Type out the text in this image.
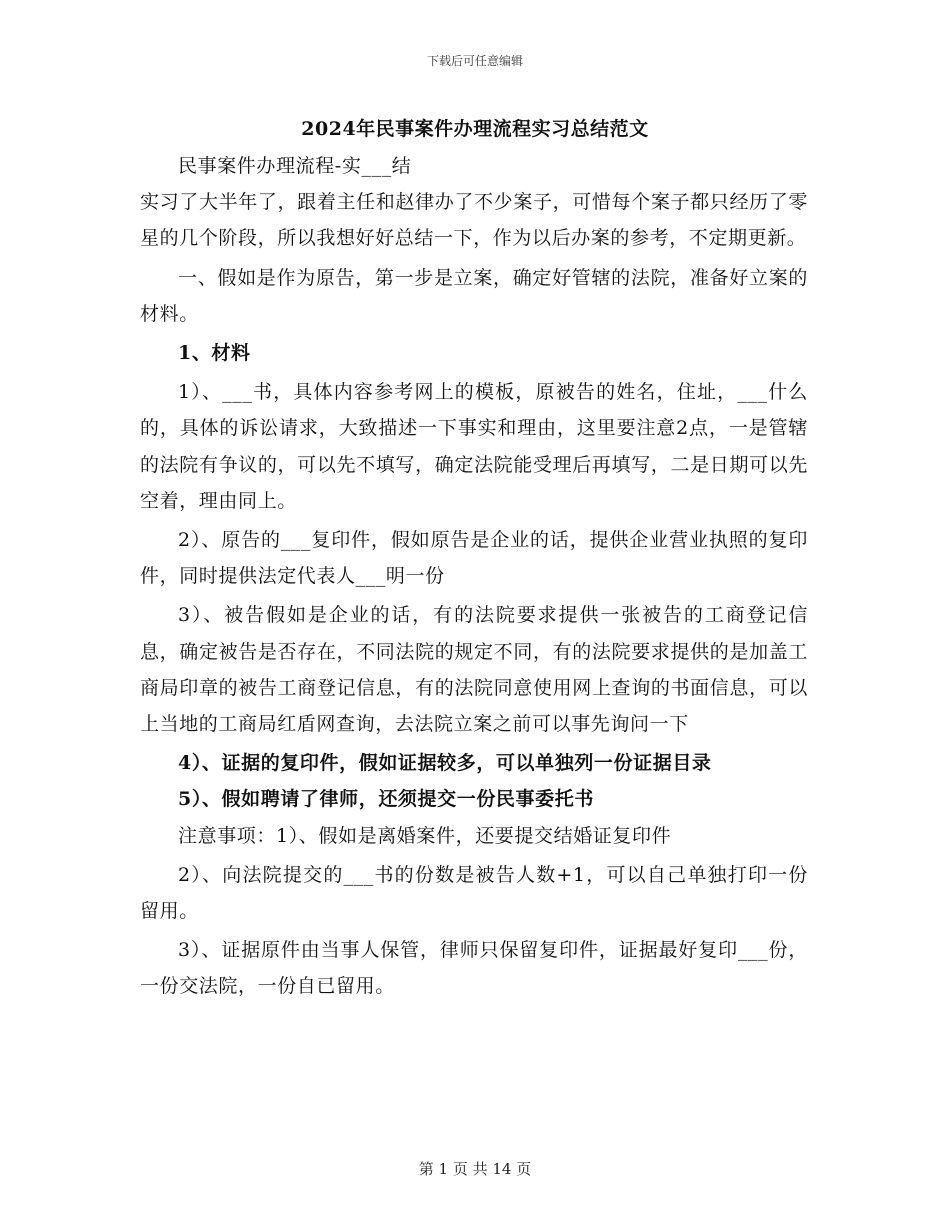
下载后可任意编辑
2024年民事案件办理流程实习总结范文

民事案件办理流程-实___结

实习了大半年了，跟着主任和赵律办了不少案子，可惜每个案子都只经历了零星的几个阶段，所以我想好好总结一下，作为以后办案的参考，不定期更新。

一、假如是作为原告，第一步是立案，确定好管辖的法院，准备好立案的材料。

1、材料

1）、___书，具体内容参考网上的模板，原被告的姓名，住址，___什么的，具体的诉讼请求，大致描述一下事实和理由，这里要注意2点，一是管辖的法院有争议的，可以先不填写，确定法院能受理后再填写，二是日期可以先空着，理由同上。

2）、原告的___复印件，假如原告是企业的话，提供企业营业执照的复印件，同时提供法定代表人___明一份

3）、被告假如是企业的话，有的法院要求提供一张被告的工商登记信息，确定被告是否存在，不同法院的规定不同，有的法院要求提供的是加盖工商局印章的被告工商登记信息，有的法院同意使用网上查询的书面信息，可以上当地的工商局红盾网查询，去法院立案之前可以事先询问一下

4）、证据的复印件，假如证据较多，可以单独列一份证据目录

5）、假如聘请了律师，还须提交一份民事委托书

注意事项：1）、假如是离婚案件，还要提交结婚证复印件

2）、向法院提交的___书的份数是被告人数+1，可以自己单独打印一份留用。

3）、证据原件由当事人保管，律师只保留复印件，证据最好复印___份，一份交法院，一份自已留用。

第 1 页 共 14 页
